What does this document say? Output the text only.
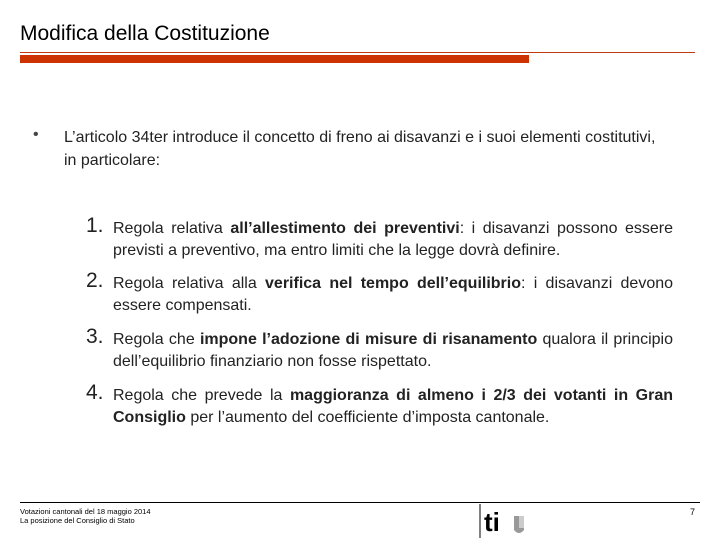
Modifica della Costituzione
• L’articolo 34ter introduce il concetto di freno ai disavanzi e i suoi elementi costitutivi, in particolare:
1. Regola relativa all’allestimento dei preventivi: i disavanzi possono essere previsti a preventivo, ma entro limiti che la legge dovrà definire.
2. Regola relativa alla verifica nel tempo dell’equilibrio: i disavanzi devono essere compensati.
3. Regola che impone l’adozione di misure di risanamento qualora il principio dell’equilibrio finanziario non fosse rispettato.
4. Regola che prevede la maggioranza di almeno i 2/3 dei votanti in Gran Consiglio per l’aumento del coefficiente d’imposta cantonale.
Votazioni cantonali del 18 maggio 2014
La posizione del Consiglio di Stato	ti	7
